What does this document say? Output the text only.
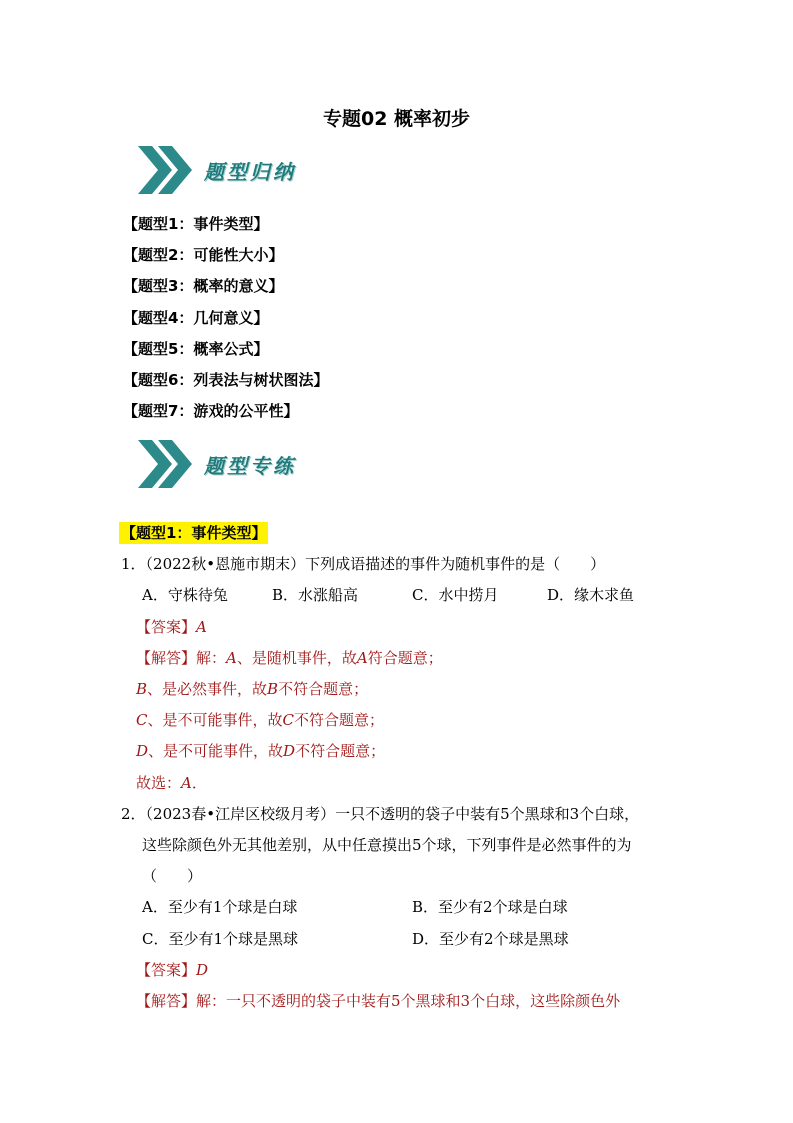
专题02 概率初步
题型归纳
【题型1：事件类型】
【题型2：可能性大小】
【题型3：概率的意义】
【题型4：几何意义】
【题型5：概率公式】
【题型6：列表法与树状图法】
【题型7：游戏的公平性】
题型专练
【题型1：事件类型】
1．（2022秋•恩施市期末）下列成语描述的事件为随机事件的是（　　）
A．守株待兔	B．水涨船高	C．水中捞月	D．缘木求鱼
【答案】A
【解答】解：A、是随机事件，故A符合题意；
B、是必然事件，故B不符合题意；
C、是不可能事件，故C不符合题意；
D、是不可能事件，故D不符合题意；
故选：A．
2．（2023春•江岸区校级月考）一只不透明的袋子中装有5个黑球和3个白球，
这些除颜色外无其他差别，从中任意摸出5个球，下列事件是必然事件的为
（　　）
A．至少有1个球是白球	B．至少有2个球是白球
C．至少有1个球是黑球	D．至少有2个球是黑球
【答案】D
【解答】解：一只不透明的袋子中装有5个黑球和3个白球，这些除颜色外
